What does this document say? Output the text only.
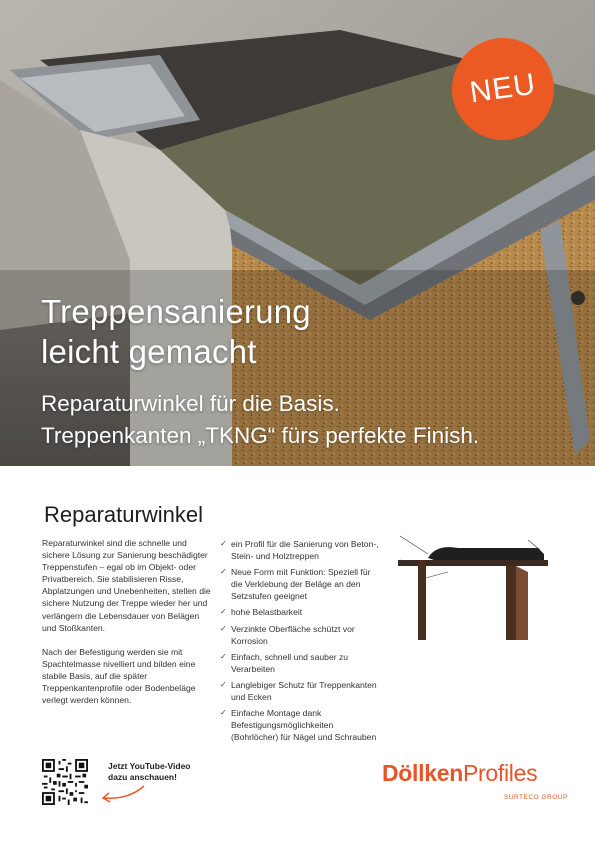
NEU
Treppensanierung
leicht gemacht

Reparaturwinkel für die Basis.
Treppenkanten „TKNG“ fürs perfekte Finish.

Reparaturwinkel

Reparaturwinkel sind die schnelle und sichere Lösung zur Sanierung beschädigter Treppenstufen – egal ob im Objekt- oder Privatbereich. Sie stabilisieren Risse, Abplatzungen und Unebenheiten, stellen die sichere Nutzung der Treppe wieder her und verlängern die Lebensdauer von Belägen und Stoßkanten.

Nach der Befestigung werden sie mit Spachtelmasse nivelliert und bilden eine stabile Basis, auf die später Treppenkantenprofile oder Bodenbeläge verlegt werden können.

✓ ein Profil für die Sanierung von Beton-, Stein- und Holztreppen
✓ Neue Form mit Funktion: Speziell für die Verklebung der Beläge an den Setzstufen geeignet
✓ hohe Belastbarkeit
✓ Verzinkte Oberfläche schützt vor Korrosion
✓ Einfach, schnell und sauber zu Verarbeiten
✓ Langlebiger Schutz für Treppenkanten und Ecken
✓ Einfache Montage dank Befestigungsmöglichkeiten (Bohrlöcher) für Nägel und Schrauben
Jetzt YouTube-Video dazu anschauen!	DöllkenProfiles
SURTECO GROUP
